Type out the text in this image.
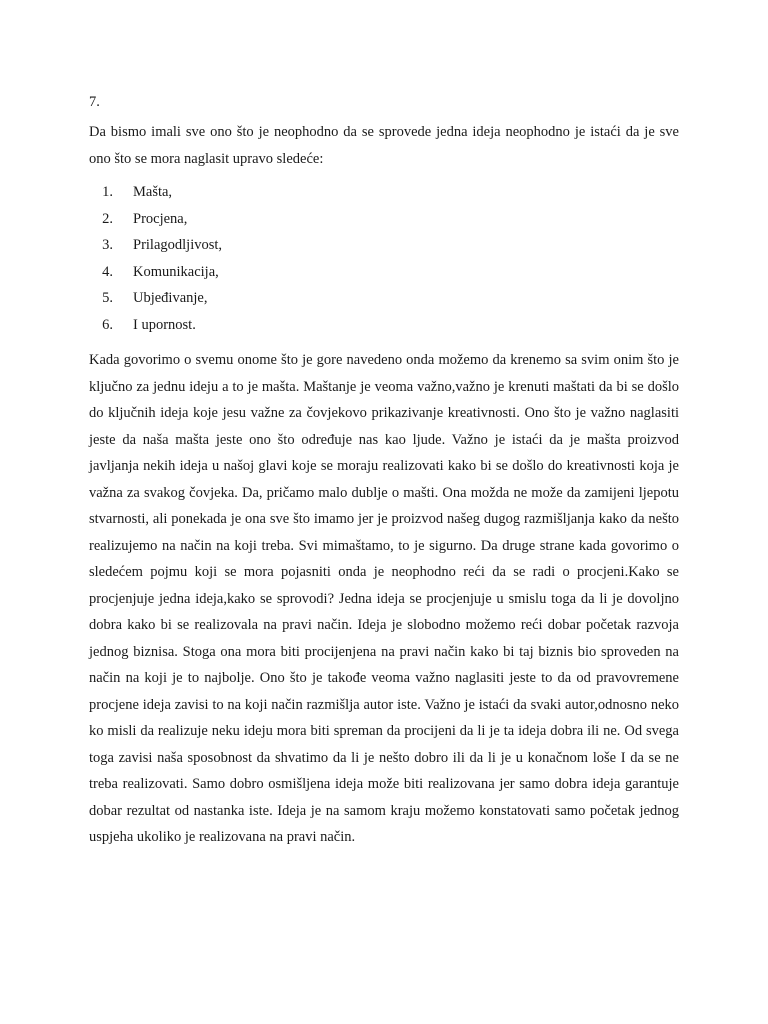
7.

Da bismo imali sve ono što je neophodno da se sprovede jedna ideja neophodno je istaći da je sve ono što se mora naglasit upravo sledeće:

1. Mašta,
2. Procjena,
3. Prilagodljivost,
4. Komunikacija,
5. Ubjeđivanje,
6. I upornost.

Kada govorimo o svemu onome što je gore navedeno onda možemo da krenemo sa svim onim što je ključno za jednu ideju a to je mašta. Maštanje je veoma važno,važno je krenuti maštati da bi se došlo do ključnih ideja koje jesu važne za čovjekovo prikazivanje kreativnosti. Ono što je važno naglasiti jeste da naša mašta jeste ono što određuje nas kao ljude. Važno je istaći da je mašta proizvod javljanja nekih ideja u našoj glavi koje se moraju realizovati kako bi se došlo do kreativnosti koja je važna za svakog čovjeka. Da, pričamo malo dublje o mašti. Ona možda ne može da zamijeni ljepotu stvarnosti, ali ponekada je ona sve što imamo jer je proizvod našeg dugog razmišljanja kako da nešto realizujemo na način na koji treba. Svi mimaštamo, to je sigurno. Da druge strane kada govorimo o sledećem pojmu koji se mora pojasniti onda je neophodno reći da se radi o procjeni.Kako se procjenjuje jedna ideja,kako se sprovodi? Jedna ideja se procjenjuje u smislu toga da li je dovoljno dobra kako bi se realizovala na pravi način. Ideja je slobodno možemo reći dobar početak razvoja jednog biznisa. Stoga ona mora biti procijenjena na pravi način kako bi taj biznis bio sproveden na način na koji je to najbolje. Ono što je takođe veoma važno naglasiti jeste to da od pravovremene procjene ideja zavisi to na koji način razmišlja autor iste. Važno je istaći da svaki autor,odnosno neko ko misli da realizuje neku ideju mora biti spreman da procijeni da li je ta ideja dobra ili ne. Od svega toga zavisi naša sposobnost da shvatimo da li je nešto dobro ili da li je u konačnom loše I da se ne treba realizovati. Samo dobro osmišljena ideja može biti realizovana jer samo dobra ideja garantuje dobar rezultat od nastanka iste. Ideja je na samom kraju možemo konstatovati samo početak jednog uspjeha ukoliko je realizovana na pravi način.
